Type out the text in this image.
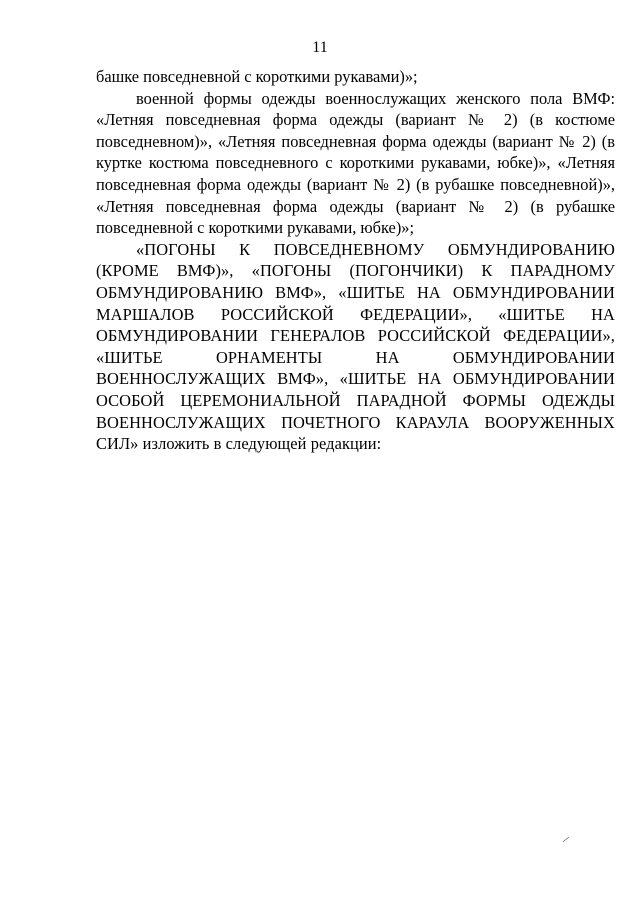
11

башке повседневной с короткими рукавами)»;

военной формы одежды военнослужащих женского пола ВМФ: «Летняя повседневная форма одежды (вариант № 2) (в костюме повседневном)», «Летняя повседневная форма одежды (вариант № 2) (в куртке костюма повседневного с короткими рукавами, юбке)», «Летняя повседневная форма одежды (вариант № 2) (в рубашке повседневной)», «Летняя повседневная форма одежды (вариант № 2) (в рубашке повседневной с короткими рукавами, юбке)»;

«ПОГОНЫ К ПОВСЕДНЕВНОМУ ОБМУНДИРОВАНИЮ (КРОМЕ ВМФ)», «ПОГОНЫ (ПОГОНЧИКИ) К ПАРАДНОМУ ОБМУНДИРОВАНИЮ ВМФ», «ШИТЬЕ НА ОБМУНДИРОВАНИИ МАРШАЛОВ РОССИЙСКОЙ ФЕДЕРАЦИИ», «ШИТЬЕ НА ОБМУНДИРОВАНИИ ГЕНЕРАЛОВ РОССИЙСКОЙ ФЕДЕРАЦИИ», «ШИТЬЕ ОРНАМЕНТЫ НА ОБМУНДИРОВАНИИ ВОЕННОСЛУЖАЩИХ ВМФ», «ШИТЬЕ НА ОБМУНДИРОВАНИИ ОСОБОЙ ЦЕРЕМОНИАЛЬНОЙ ПАРАДНОЙ ФОРМЫ ОДЕЖДЫ ВОЕННОСЛУЖАЩИХ ПОЧЕТНОГО КАРАУЛА ВООРУЖЕННЫХ СИЛ» изложить в следующей редакции:

⸝
